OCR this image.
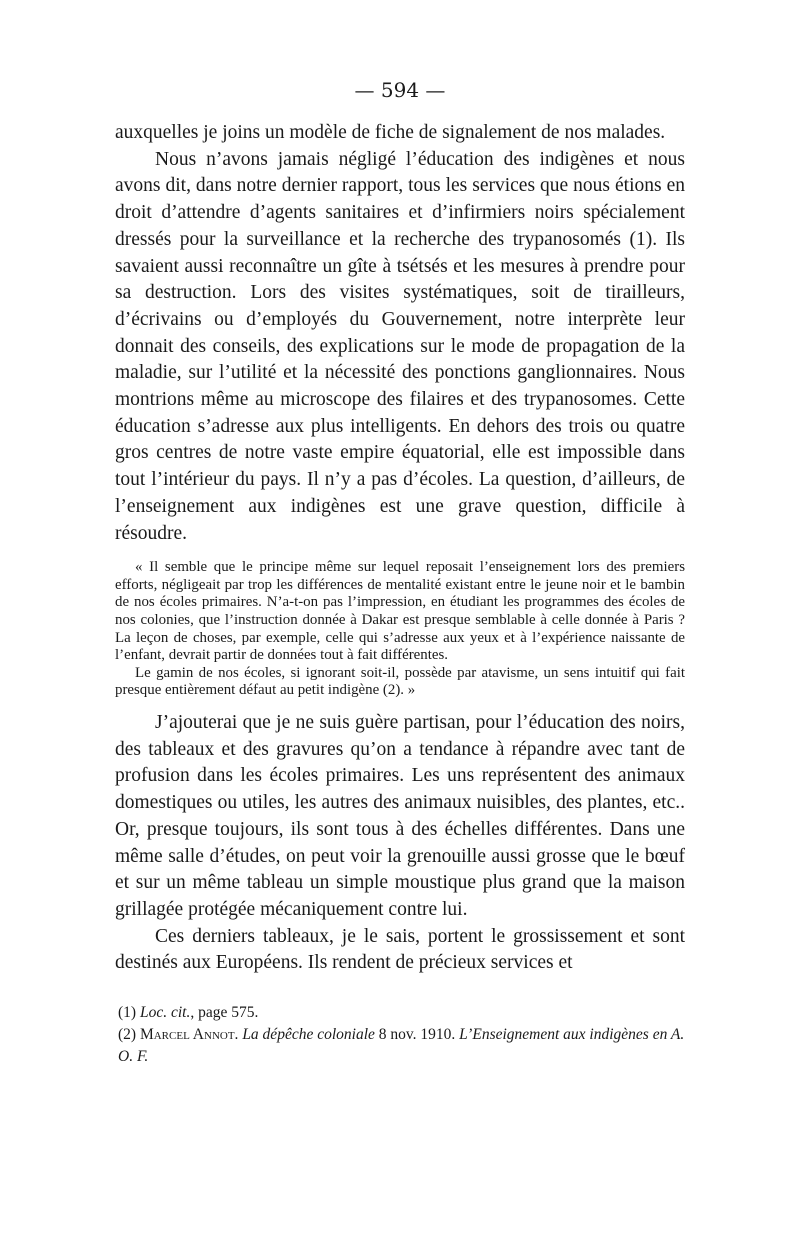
— 594 —

auxquelles je joins un modèle de fiche de signalement de nos malades.

Nous n’avons jamais négligé l’éducation des indigènes et nous avons dit, dans notre dernier rapport, tous les services que nous étions en droit d’attendre d’agents sanitaires et d’infirmiers noirs spécialement dressés pour la surveillance et la recherche des trypanosomés (1). Ils savaient aussi reconnaître un gîte à tsétsés et les mesures à prendre pour sa destruction. Lors des visites systématiques, soit de tirailleurs, d’écrivains ou d’employés du Gouvernement, notre interprète leur donnait des conseils, des explications sur le mode de propagation de la maladie, sur l’utilité et la nécessité des ponctions ganglionnaires. Nous montrions même au microscope des filaires et des trypanosomes. Cette éducation s’adresse aux plus intelligents. En dehors des trois ou quatre gros centres de notre vaste empire équatorial, elle est impossible dans tout l’intérieur du pays. Il n’y a pas d’écoles. La question, d’ailleurs, de l’enseignement aux indigènes est une grave question, difficile à résoudre.

« Il semble que le principe même sur lequel reposait l’enseignement lors des premiers efforts, négligeait par trop les différences de mentalité existant entre le jeune noir et le bambin de nos écoles primaires. N’a-t-on pas l’impression, en étudiant les programmes des écoles de nos colonies, que l’instruction donnée à Dakar est presque semblable à celle donnée à Paris ? La leçon de choses, par exemple, celle qui s’adresse aux yeux et à l’expérience naissante de l’enfant, devrait partir de données tout à fait différentes.

Le gamin de nos écoles, si ignorant soit-il, possède par atavisme, un sens intuitif qui fait presque entièrement défaut au petit indigène (2). »

J’ajouterai que je ne suis guère partisan, pour l’éducation des noirs, des tableaux et des gravures qu’on a tendance à répandre avec tant de profusion dans les écoles primaires. Les uns représentent des animaux domestiques ou utiles, les autres des animaux nuisibles, des plantes, etc.. Or, presque toujours, ils sont tous à des échelles différentes. Dans une même salle d’études, on peut voir la grenouille aussi grosse que le bœuf et sur un même tableau un simple moustique plus grand que la maison grillagée protégée mécaniquement contre lui.

Ces derniers tableaux, je le sais, portent le grossissement et sont destinés aux Européens. Ils rendent de précieux services et

(1) Loc. cit., page 575.

(2) Marcel Annot. La dépêche coloniale 8 nov. 1910. L’Enseignement aux indigènes en A. O. F.
